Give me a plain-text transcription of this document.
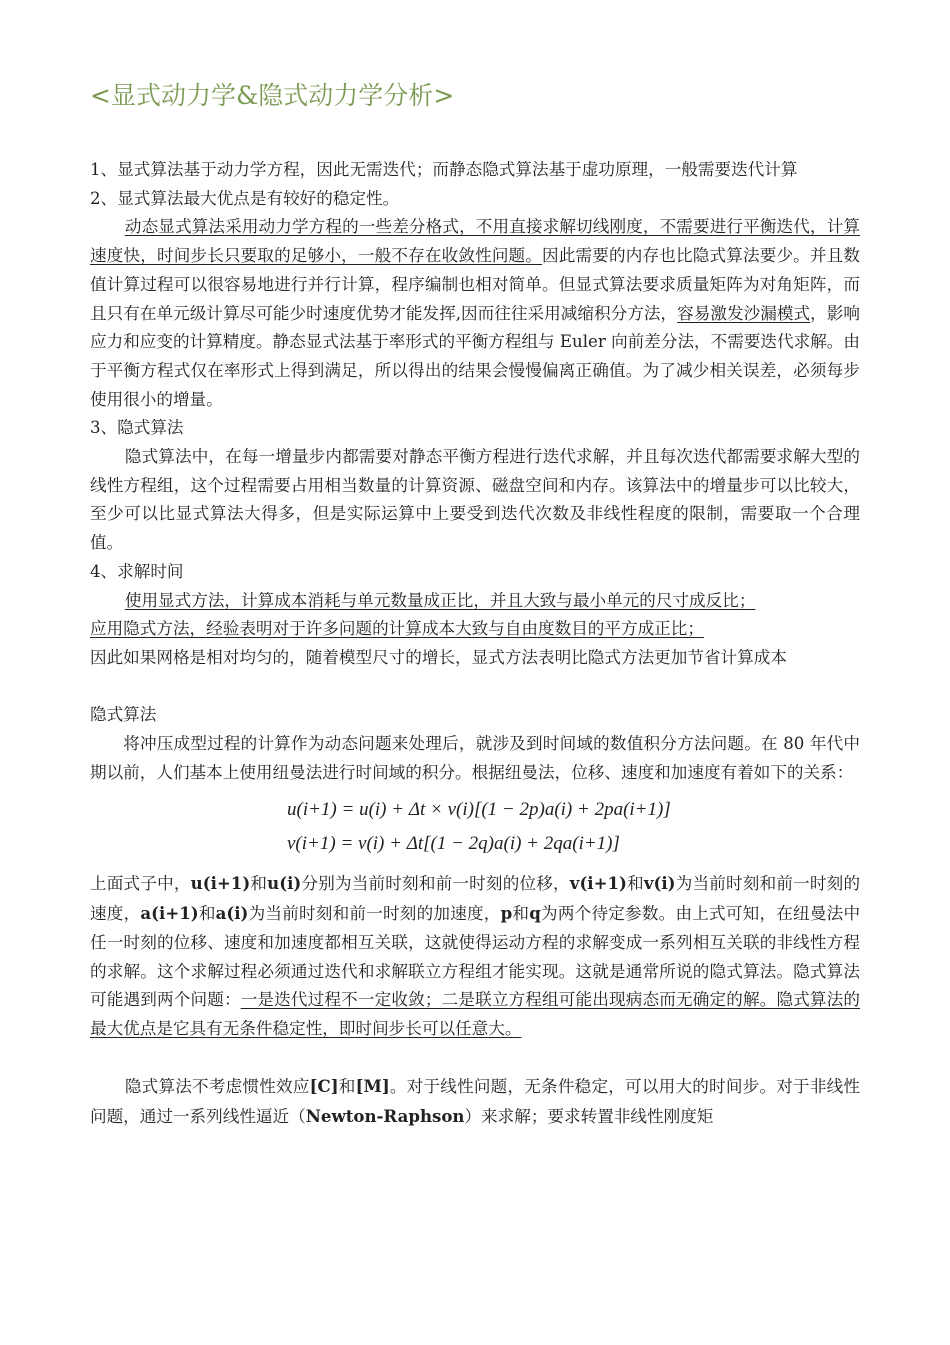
<显式动力学&隐式动力学分析>

1、显式算法基于动力学方程，因此无需迭代；而静态隐式算法基于虚功原理，一般需要迭代计算

2、显式算法最大优点是有较好的稳定性。

动态显式算法采用动力学方程的一些差分格式，不用直接求解切线刚度，不需要进行平衡迭代，计算速度快，时间步长只要取的足够小，一般不存在收敛性问题。因此需要的内存也比隐式算法要少。并且数值计算过程可以很容易地进行并行计算，程序编制也相对简单。但显式算法要求质量矩阵为对角矩阵，而且只有在单元级计算尽可能少时速度优势才能发挥,因而往往采用减缩积分方法，容易激发沙漏模式，影响应力和应变的计算精度。静态显式法基于率形式的平衡方程组与 Euler 向前差分法，不需要迭代求解。由于平衡方程式仅在率形式上得到满足，所以得出的结果会慢慢偏离正确值。为了减少相关误差，必须每步使用很小的增量。

3、隐式算法

隐式算法中，在每一增量步内都需要对静态平衡方程进行迭代求解，并且每次迭代都需要求解大型的线性方程组，这个过程需要占用相当数量的计算资源、磁盘空间和内存。该算法中的增量步可以比较大，至少可以比显式算法大得多，但是实际运算中上要受到迭代次数及非线性程度的限制，需要取一个合理值。

4、求解时间

使用显式方法，计算成本消耗与单元数量成正比，并且大致与最小单元的尺寸成反比；

应用隐式方法，经验表明对于许多问题的计算成本大致与自由度数目的平方成正比；

因此如果网格是相对均匀的，随着模型尺寸的增长，显式方法表明比隐式方法更加节省计算成本

隐式算法

将冲压成型过程的计算作为动态问题来处理后，就涉及到时间域的数值积分方法问题。在 80 年代中期以前，人们基本上使用纽曼法进行时间域的积分。根据纽曼法，位移、速度和加速度有着如下的关系：

u(i+1) = u(i) + Δt × v(i)[(1 − 2p)a(i) + 2pa(i+1)]
v(i+1) = v(i) + Δt[(1 − 2q)a(i) + 2qa(i+1)]

上面式子中，u(i+1)和u(i)分别为当前时刻和前一时刻的位移，v(i+1)和v(i)为当前时刻和前一时刻的速度，a(i+1)和a(i)为当前时刻和前一时刻的加速度，p和q为两个待定参数。由上式可知，在纽曼法中任一时刻的位移、速度和加速度都相互关联，这就使得运动方程的求解变成一系列相互关联的非线性方程的求解。这个求解过程必须通过迭代和求解联立方程组才能实现。这就是通常所说的隐式算法。隐式算法可能遇到两个问题：一是迭代过程不一定收敛；二是联立方程组可能出现病态而无确定的解。隐式算法的最大优点是它具有无条件稳定性，即时间步长可以任意大。

隐式算法不考虑惯性效应[C]和[M]。对于线性问题，无条件稳定，可以用大的时间步。对于非线性问题，通过一系列线性逼近（Newton-Raphson）来求解；要求转置非线性刚度矩
